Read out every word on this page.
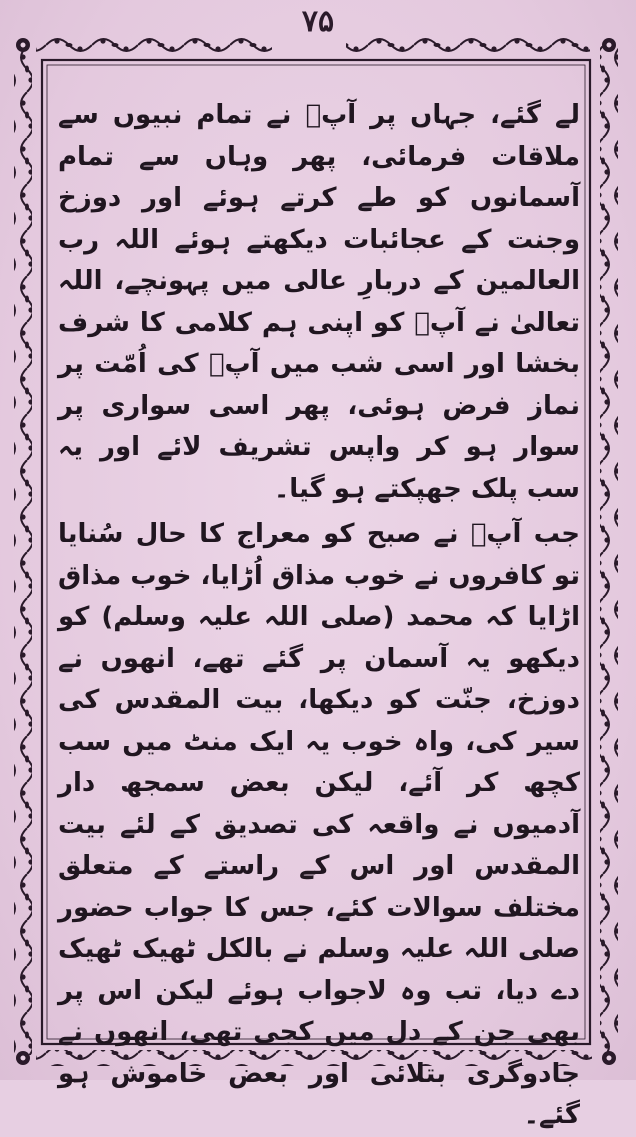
۷۵

لے گئے، جہاں پر آپؐ نے تمام نبیوں سے ملاقات فرمائی، پھر وہاں سے تمام آسمانوں کو طے کرتے ہوئے اور دوزخ وجنت کے عجائبات دیکھتے ہوئے اللہ رب العالمین کے دربارِ عالی میں پہونچے، اللہ تعالیٰ نے آپؐ کو اپنی ہم کلامی کا شرف بخشا اور اسی شب میں آپؐ کی اُمّت پر نماز فرض ہوئی، پھر اسی سواری پر سوار ہو کر واپس تشریف لائے اور یہ سب پلک جھپکتے ہو گیا۔

جب آپؐ نے صبح کو معراج کا حال سُنایا تو کافروں نے خوب مذاق اُڑایا، خوب مذاق اڑایا کہ محمد (صلی اللہ علیہ وسلم) کو دیکھو یہ آسمان پر گئے تھے، انھوں نے دوزخ، جنّت کو دیکھا، بیت المقدس کی سیر کی، واہ خوب یہ ایک منٹ میں سب کچھ کر آئے، لیکن بعض سمجھ دار آدمیوں نے واقعہ کی تصدیق کے لئے بیت المقدس اور اس کے راستے کے متعلق مختلف سوالات کئے، جس کا جواب حضور صلی اللہ علیہ وسلم نے بالکل ٹھیک ٹھیک دے دیا، تب وہ لاجواب ہوئے لیکن اس پر بھی جن کے دل میں کجی تھی، انھوں نے جادوگری بتلائی اور بعض خاموش ہو گئے۔
